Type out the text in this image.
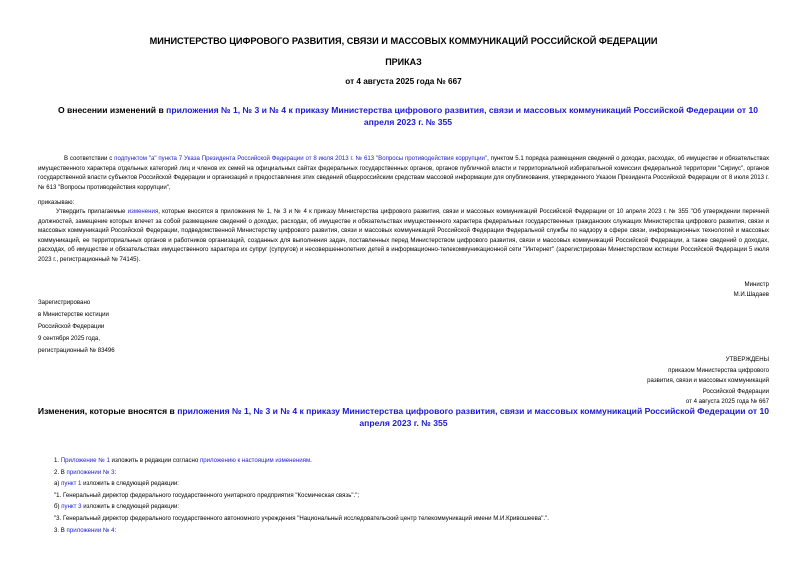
МИНИСТЕРСТВО ЦИФРОВОГО РАЗВИТИЯ, СВЯЗИ И МАССОВЫХ КОММУНИКАЦИЙ РОССИЙСКОЙ ФЕДЕРАЦИИ
ПРИКАЗ
от 4 августа 2025 года № 667
О внесении изменений в приложения № 1, № 3 и № 4 к приказу Министерства цифрового развития, связи и массовых коммуникаций Российской Федерации от 10 апреля 2023 г. № 355
В соответствии с подпунктом "а" пункта 7 Указа Президента Российской Федерации от 8 июля 2013 г. № 613 "Вопросы противодействия коррупции", пунктом 5.1 порядка размещения сведений о доходах, расходах, об имуществе и обязательствах имущественного характера отдельных категорий лиц и членов их семей на официальных сайтах федеральных государственных органов, органов публичной власти и территориальной избирательной комиссии федеральной территории "Сириус", органов государственной власти субъектов Российской Федерации и организаций и предоставления этих сведений общероссийским средствам массовой информации для опубликования, утвержденного Указом Президента Российской Федерации от 8 июля 2013 г. № 613 "Вопросы противодействия коррупции",
приказываю:
Утвердить прилагаемые изменения, которые вносятся в приложения № 1, № 3 и № 4 к приказу Министерства цифрового развития, связи и массовых коммуникаций Российской Федерации от 10 апреля 2023 г. № 355 "Об утверждении перечней должностей, замещение которых влечет за собой размещение сведений о доходах, расходах, об имуществе и обязательствах имущественного характера федеральных государственных гражданских служащих Министерства цифрового развития, связи и массовых коммуникаций Российской Федерации, подведомственной Министерству цифрового развития, связи и массовых коммуникаций Российской Федерации Федеральной службы по надзору в сфере связи, информационных технологий и массовых коммуникаций, ее территориальных органов и работников организаций, созданных для выполнения задач, поставленных перед Министерством цифрового развития, связи и массовых коммуникаций Российской Федерации, а также сведений о доходах, расходах, об имуществе и обязательствах имущественного характера их супруг (супругов) и несовершеннолетних детей в информационно-телекоммуникационной сети "Интернет" (зарегистрирован Министерством юстиции Российской Федерации 5 июля 2023 г., регистрационный № 74145).
Министр
М.И.Шадаев
Зарегистрировано
в Министерстве юстиции
Российской Федерации
9 сентября 2025 года,
регистрационный № 83496
УТВЕРЖДЕНЫ
приказом Министерства цифрового
развития, связи и массовых коммуникаций
Российской Федерации
от 4 августа 2025 года № 667
Изменения, которые вносятся в приложения № 1, № 3 и № 4 к приказу Министерства цифрового развития, связи и массовых коммуникаций Российской Федерации от 10 апреля 2023 г. № 355
1. Приложение № 1 изложить в редакции согласно приложению к настоящим изменениям.
2. В приложении № 3:
а) пункт 1 изложить в следующей редакции:
"1. Генеральный директор федерального государственного унитарного предприятия "Космическая связь".";
б) пункт 3 изложить в следующей редакции:
"3. Генеральный директор федерального государственного автономного учреждения "Национальный исследовательский центр телекоммуникаций имени М.И.Кривошеева".".
3. В приложении № 4:
